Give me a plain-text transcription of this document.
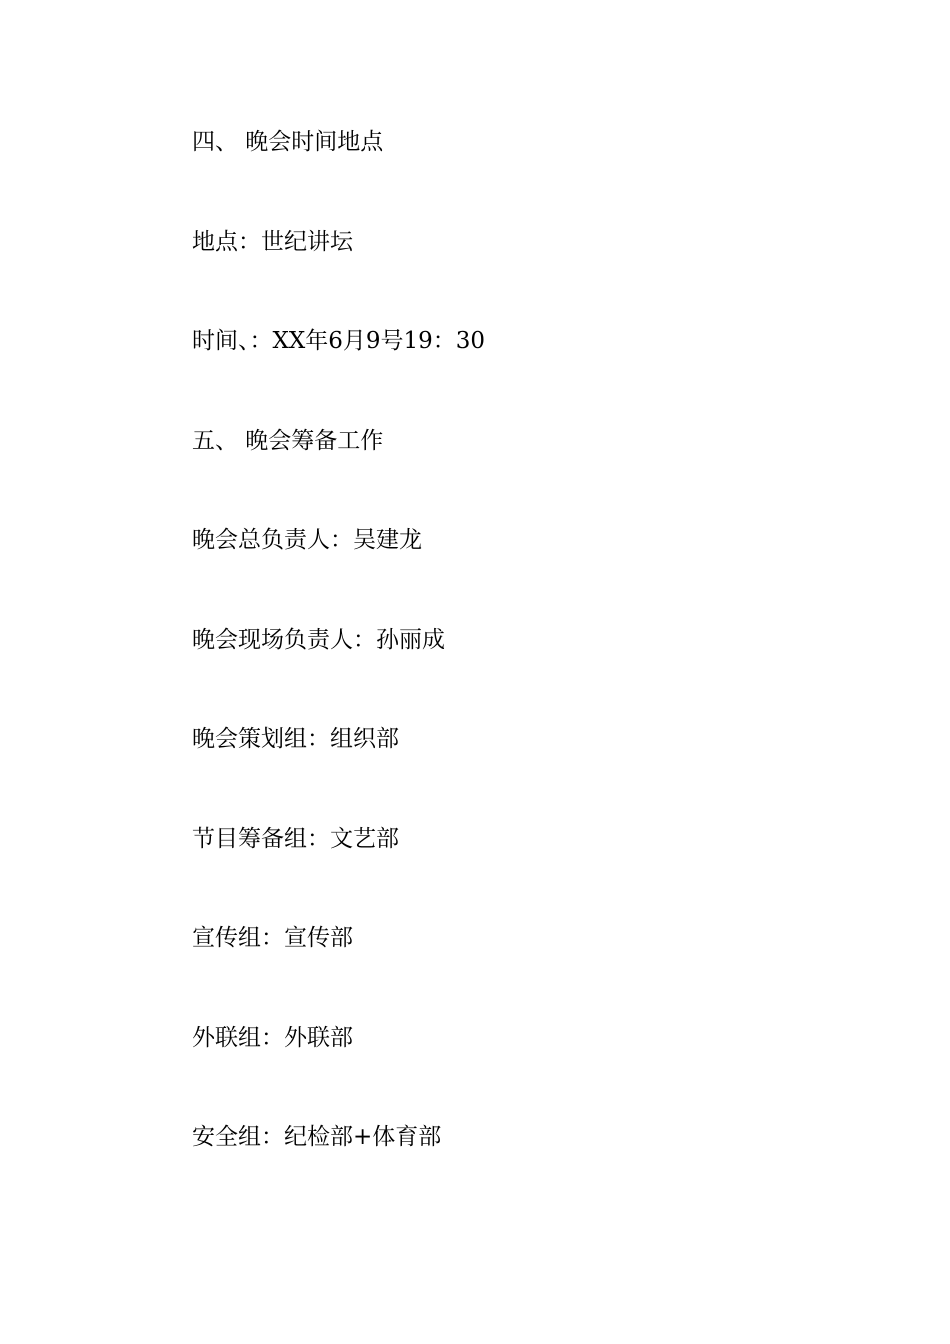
四、 晚会时间地点
地点：世纪讲坛
时间、：XX年6月9号19：30
五、 晚会筹备工作
晚会总负责人：吴建龙
晚会现场负责人：孙丽成
晚会策划组：组织部
节目筹备组：文艺部
宣传组：宣传部
外联组：外联部
安全组：纪检部+体育部
